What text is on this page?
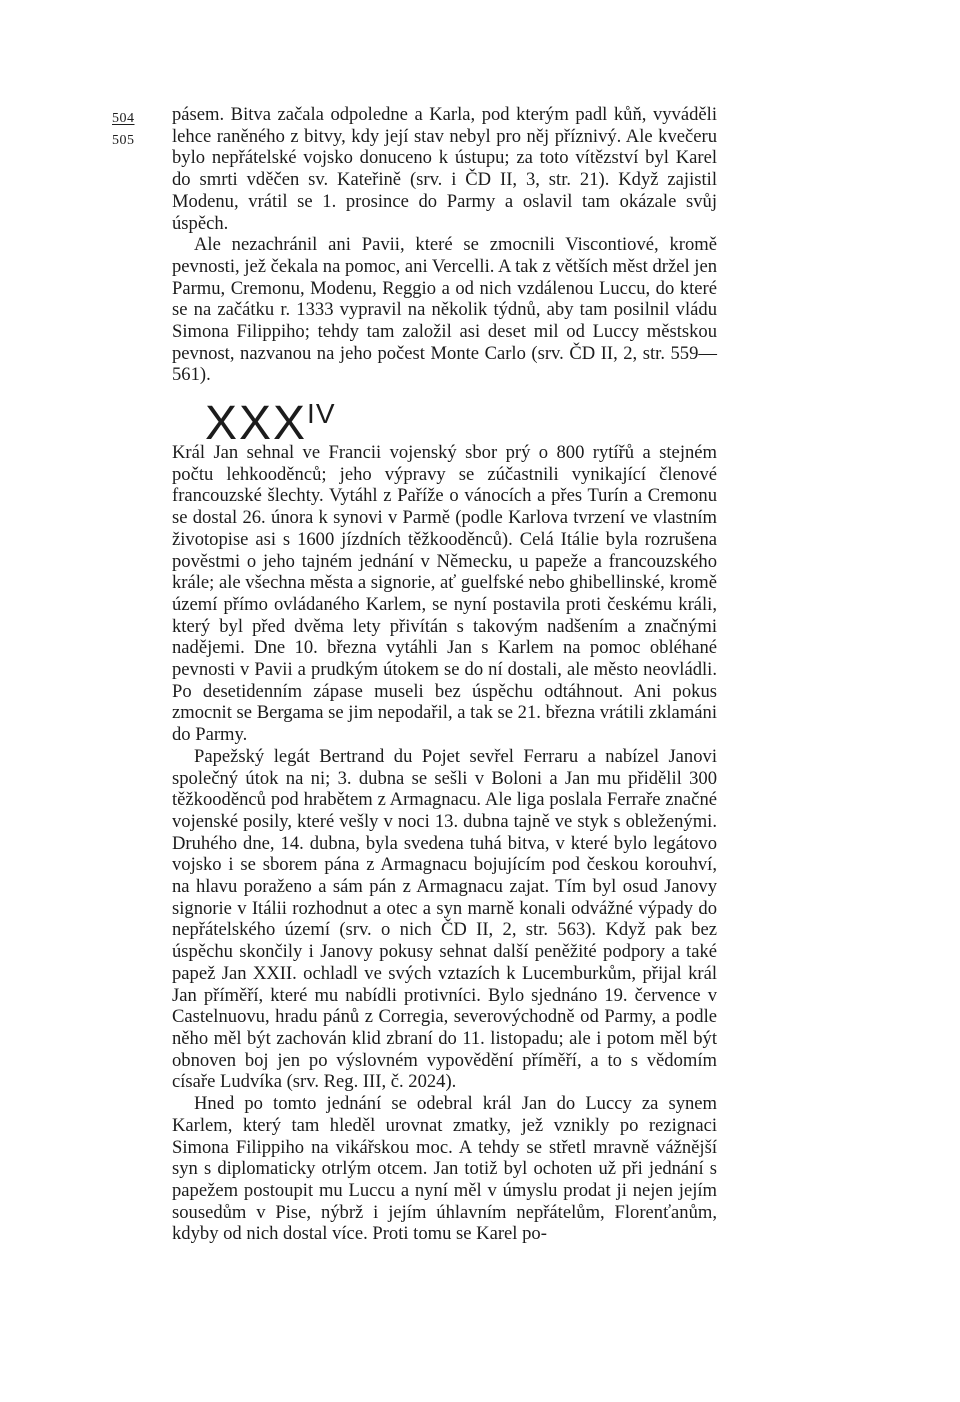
504
505

pásem. Bitva začala odpoledne a Karla, pod kterým padl kůň, vyváděli lehce raněného z bitvy, kdy její stav nebyl pro něj příznivý. Ale kvečeru bylo nepřátelské vojsko donuceno k ústupu; za toto vítězství byl Karel do smrti vděčen sv. Kateřině (srv. i ČD II, 3, str. 21). Když zajistil Modenu, vrátil se 1. prosince do Parmy a oslavil tam okázale svůj úspěch.

Ale nezachránil ani Pavii, které se zmocnili Viscontiové, kromě pevnosti, jež čekala na pomoc, ani Vercelli. A tak z větších měst držel jen Parmu, Cremonu, Modenu, Reggio a od nich vzdálenou Luccu, do které se na začátku r. 1333 vypravil na několik týdnů, aby tam posilnil vládu Simona Filippiho; tehdy tam založil asi deset mil od Luccy městskou pevnost, nazvanou na jeho počest Monte Carlo (srv. ČD II, 2, str. 559—561).

$XXX^{IV}$

Král Jan sehnal ve Francii vojenský sbor prý o 800 rytířů a stejném počtu lehkooděnců; jeho výpravy se zúčastnili vynikající členové francouzské šlechty. Vytáhl z Paříže o vánocích a přes Turín a Cremonu se dostal 26. února k synovi v Parmě (podle Karlova tvrzení ve vlastním životopise asi s 1600 jízdních těžkooděnců). Celá Itálie byla rozrušena pověstmi o jeho tajném jednání v Německu, u papeže a francouzského krále; ale všechna města a signorie, ať guelfské nebo ghibellinské, kromě území přímo ovládaného Karlem, se nyní postavila proti českému králi, který byl před dvěma lety přivítán s takovým nadšením a značnými nadějemi. Dne 10. března vytáhli Jan s Karlem na pomoc obléhané pevnosti v Pavii a prudkým útokem se do ní dostali, ale město neovládli. Po desetidenním zápase museli bez úspěchu odtáhnout. Ani pokus zmocnit se Bergama se jim nepodařil, a tak se 21. března vrátili zklamáni do Parmy.

Papežský legát Bertrand du Pojet sevřel Ferraru a nabízel Janovi společný útok na ni; 3. dubna se sešli v Boloni a Jan mu přidělil 300 těžkooděnců pod hrabětem z Armagnacu. Ale liga poslala Ferraře značné vojenské posily, které vešly v noci 13. dubna tajně ve styk s obleženými. Druhého dne, 14. dubna, byla svedena tuhá bitva, v které bylo legátovo vojsko i se sborem pána z Armagnacu bojujícím pod českou korouhví, na hlavu poraženo a sám pán z Armagnacu zajat. Tím byl osud Janovy signorie v Itálii rozhodnut a otec a syn marně konali odvážné výpady do nepřátelského území (srv. o nich ČD II, 2, str. 563). Když pak bez úspěchu skončily i Janovy pokusy sehnat další peněžité podpory a také papež Jan XXII. ochladl ve svých vztazích k Lucemburkům, přijal král Jan příměří, které mu nabídli protivníci. Bylo sjednáno 19. července v Castelnuovu, hradu pánů z Corregia, severovýchodně od Parmy, a podle něho měl být zachován klid zbraní do 11. listopadu; ale i potom měl být obnoven boj jen po výslovném vypovědění příměří, a to s vědomím císaře Ludvíka (srv. Reg. III, č. 2024).

Hned po tomto jednání se odebral král Jan do Luccy za synem Karlem, který tam hleděl urovnat zmatky, jež vznikly po rezignaci Simona Filippiho na vikářskou moc. A tehdy se střetl mravně vážnější syn s diplomaticky otrlým otcem. Jan totiž byl ochoten už při jednání s papežem postoupit mu Luccu a nyní měl v úmyslu prodat ji nejen jejím sousedům v Pise, nýbrž i jejím úhlavním nepřátelům, Florenťanům, kdyby od nich dostal více. Proti tomu se Karel po-
